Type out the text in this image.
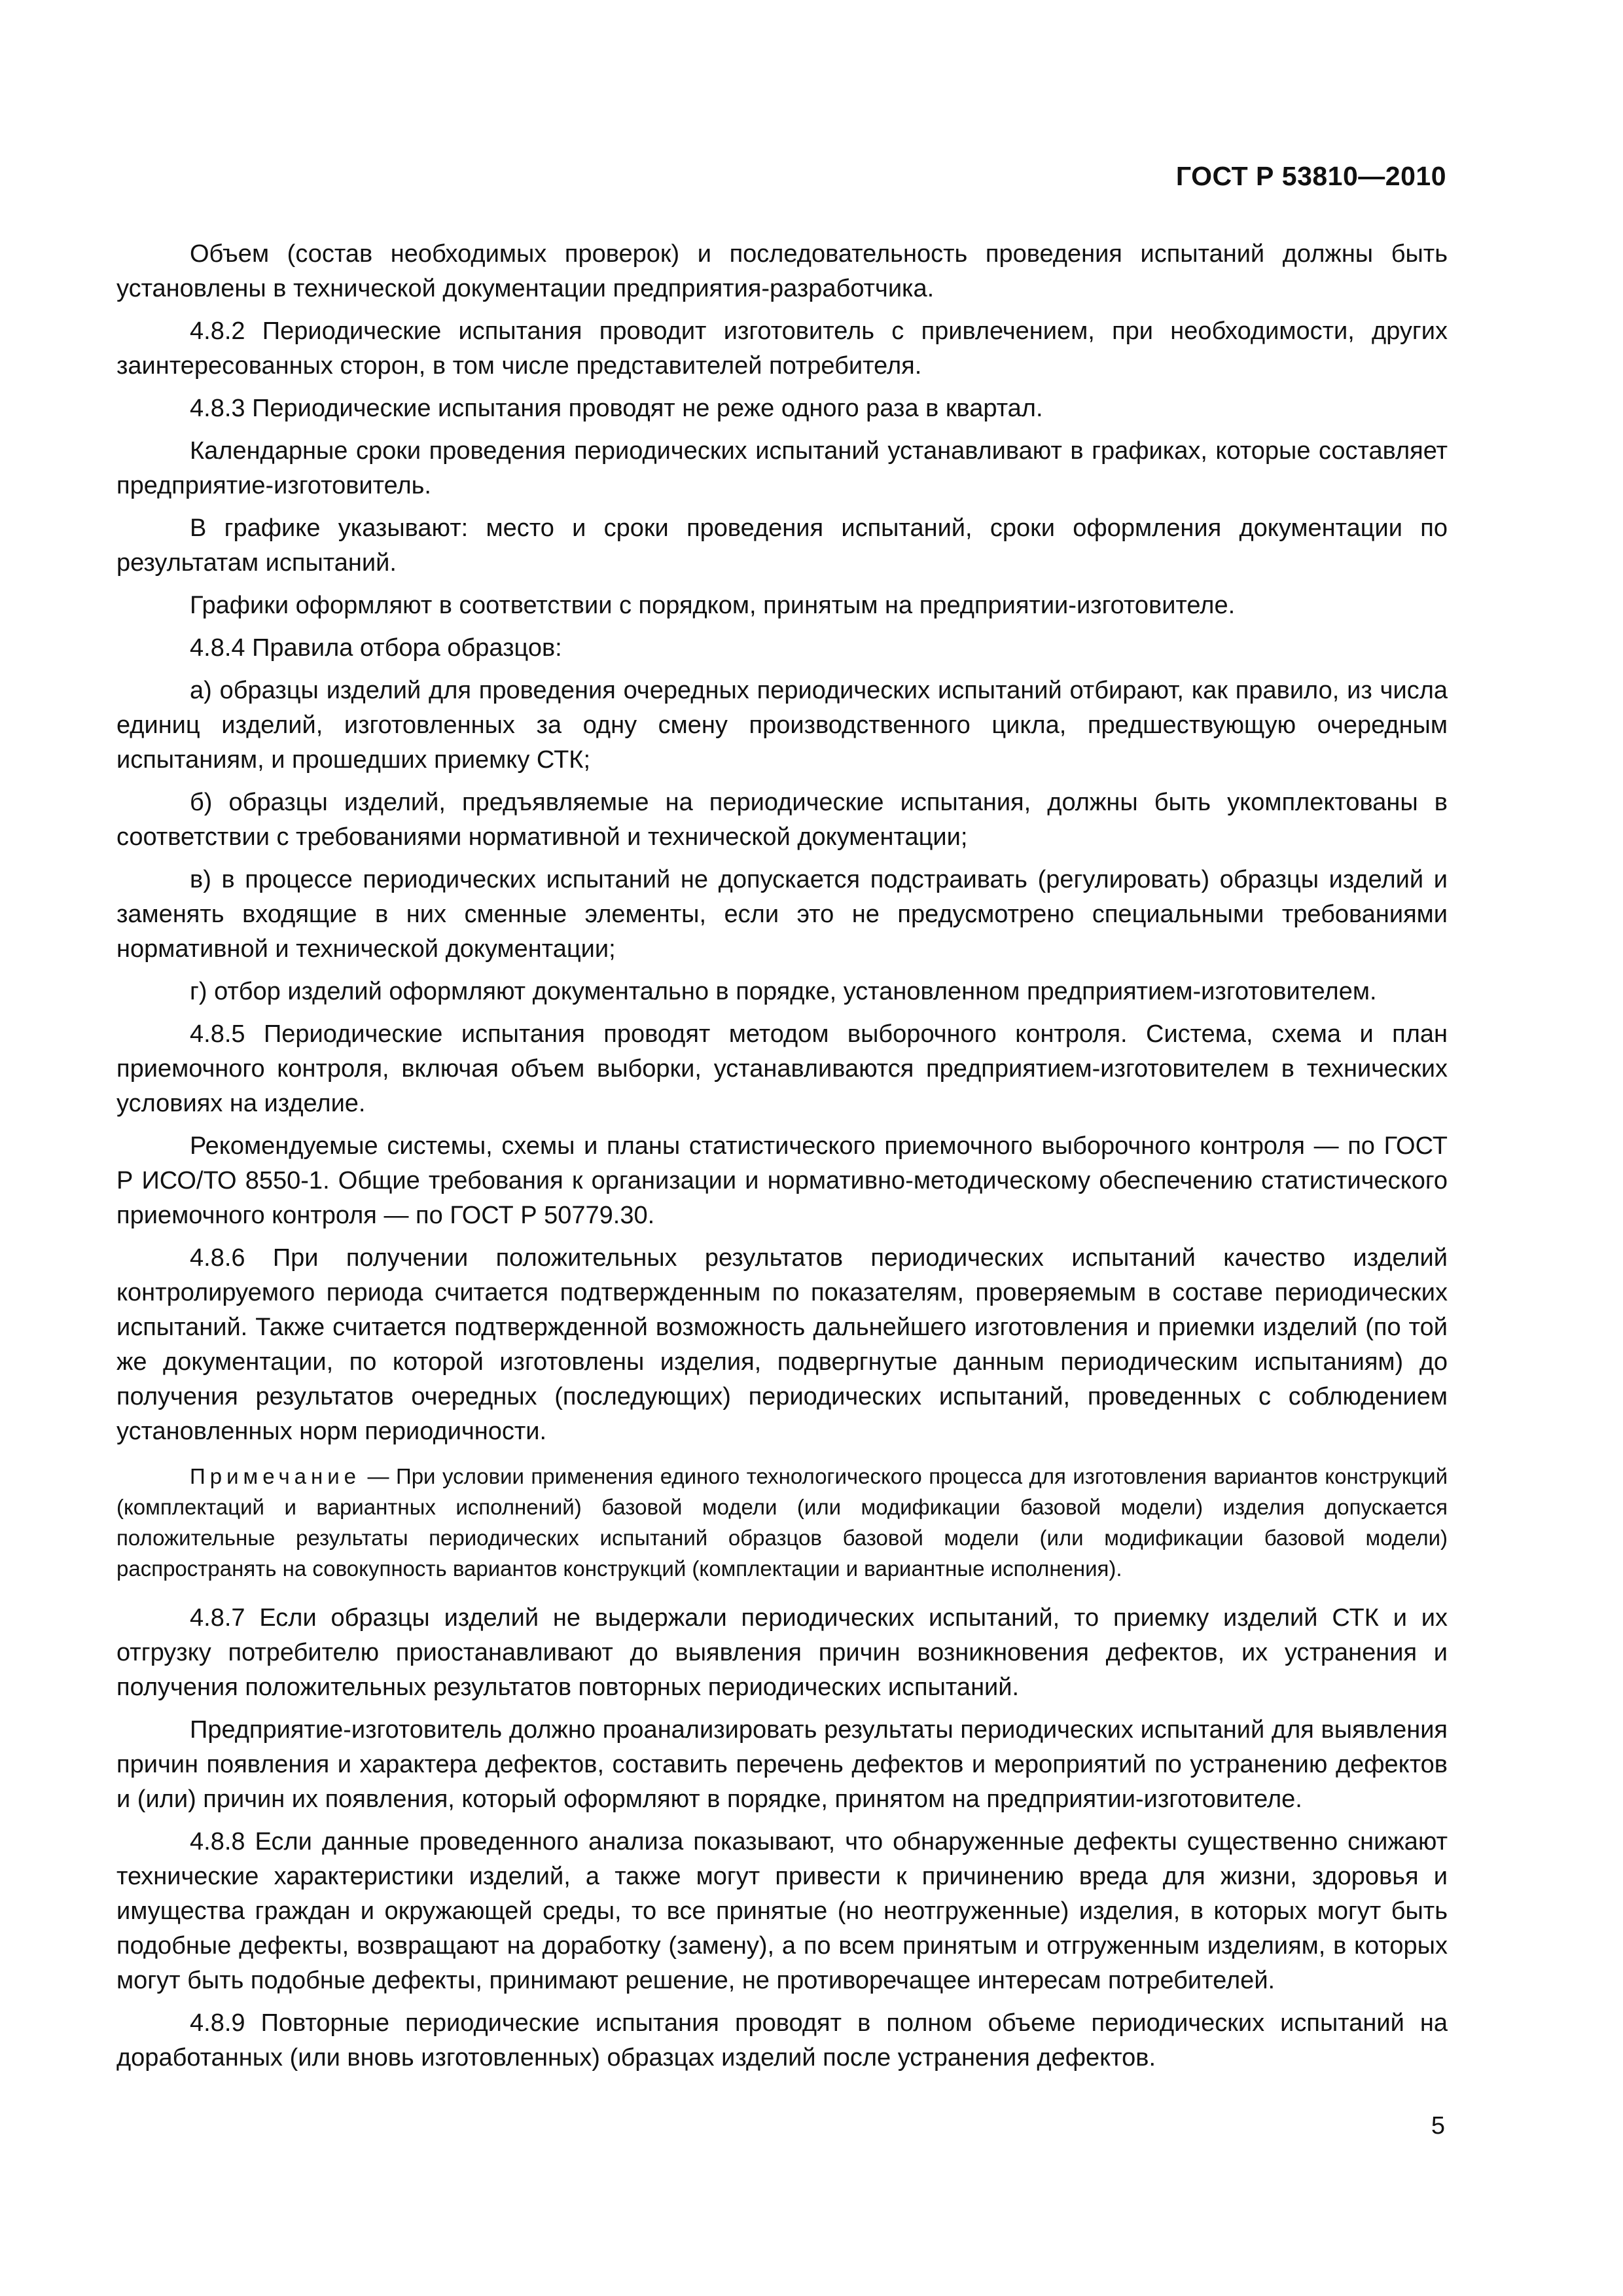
ГОСТ Р 53810—2010

Объем (состав необходимых проверок) и последовательность проведения испытаний должны быть установлены в технической документации предприятия-разработчика.

4.8.2 Периодические испытания проводит изготовитель с привлечением, при необходимости, других заинтересованных сторон, в том числе представителей потребителя.

4.8.3 Периодические испытания проводят не реже одного раза в квартал.

Календарные сроки проведения периодических испытаний устанавливают в графиках, которые составляет предприятие-изготовитель.

В графике указывают: место и сроки проведения испытаний, сроки оформления документации по результатам испытаний.

Графики оформляют в соответствии с порядком, принятым на предприятии-изготовителе.

4.8.4 Правила отбора образцов:

а) образцы изделий для проведения очередных периодических испытаний отбирают, как правило, из числа единиц изделий, изготовленных за одну смену производственного цикла, предшествующую очередным испытаниям, и прошедших приемку СТК;

б) образцы изделий, предъявляемые на периодические испытания, должны быть укомплектованы в соответствии с требованиями нормативной и технической документации;

в) в процессе периодических испытаний не допускается подстраивать (регулировать) образцы изделий и заменять входящие в них сменные элементы, если это не предусмотрено специальными требованиями нормативной и технической документации;

г) отбор изделий оформляют документально в порядке, установленном предприятием-изготовителем.

4.8.5 Периодические испытания проводят методом выборочного контроля. Система, схема и план приемочного контроля, включая объем выборки, устанавливаются предприятием-изготовителем в технических условиях на изделие.

Рекомендуемые системы, схемы и планы статистического приемочного выборочного контроля — по ГОСТ Р ИСО/ТО 8550-1. Общие требования к организации и нормативно-методическому обеспечению статистического приемочного контроля — по ГОСТ Р 50779.30.

4.8.6 При получении положительных результатов периодических испытаний качество изделий контролируемого периода считается подтвержденным по показателям, проверяемым в составе периодических испытаний. Также считается подтвержденной возможность дальнейшего изготовления и приемки изделий (по той же документации, по которой изготовлены изделия, подвергнутые данным периодическим испытаниям) до получения результатов очередных (последующих) периодических испытаний, проведенных с соблюдением установленных норм периодичности.

Примечание — При условии применения единого технологического процесса для изготовления вариантов конструкций (комплектаций и вариантных исполнений) базовой модели (или модификации базовой модели) изделия допускается положительные результаты периодических испытаний образцов базовой модели (или модификации базовой модели) распространять на совокупность вариантов конструкций (комплектации и вариантные исполнения).

4.8.7 Если образцы изделий не выдержали периодических испытаний, то приемку изделий СТК и их отгрузку потребителю приостанавливают до выявления причин возникновения дефектов, их устранения и получения положительных результатов повторных периодических испытаний.

Предприятие-изготовитель должно проанализировать результаты периодических испытаний для выявления причин появления и характера дефектов, составить перечень дефектов и мероприятий по устранению дефектов и (или) причин их появления, который оформляют в порядке, принятом на предприятии-изготовителе.

4.8.8 Если данные проведенного анализа показывают, что обнаруженные дефекты существенно снижают технические характеристики изделий, а также могут привести к причинению вреда для жизни, здоровья и имущества граждан и окружающей среды, то все принятые (но неотгруженные) изделия, в которых могут быть подобные дефекты, возвращают на доработку (замену), а по всем принятым и отгруженным изделиям, в которых могут быть подобные дефекты, принимают решение, не противоречащее интересам потребителей.

4.8.9 Повторные периодические испытания проводят в полном объеме периодических испытаний на доработанных (или вновь изготовленных) образцах изделий после устранения дефектов.

5
